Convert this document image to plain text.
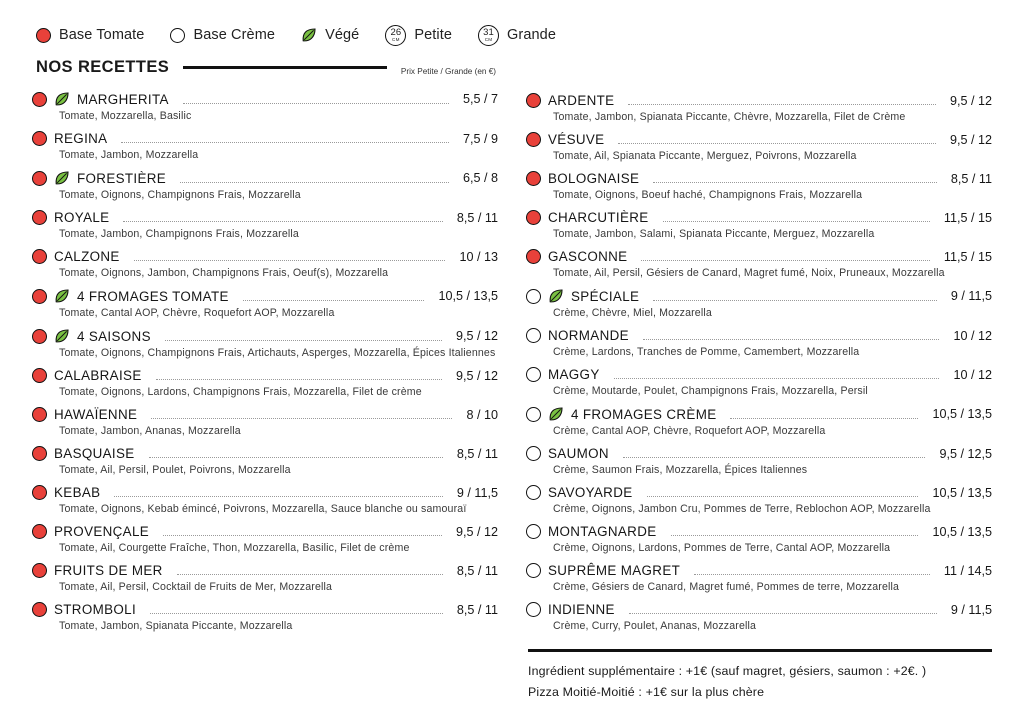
Base Tomate	Base Crème	Végé	26
CM Petite	31
CM Grande
NOS RECETTES	Prix Petite / Grande (en €)
MARGHERITA	5,5 / 7
Tomate, Mozzarella, Basilic
REGINA	7,5 / 9
Tomate, Jambon, Mozzarella
FORESTIÈRE	6,5 / 8
Tomate, Oignons, Champignons Frais, Mozzarella
ROYALE	8,5 / 11
Tomate, Jambon, Champignons Frais, Mozzarella
CALZONE	10 / 13
Tomate, Oignons, Jambon, Champignons Frais, Oeuf(s), Mozzarella
4 FROMAGES TOMATE	10,5 / 13,5
Tomate, Cantal AOP, Chèvre, Roquefort AOP, Mozzarella
4 SAISONS	9,5 / 12
Tomate, Oignons, Champignons Frais, Artichauts, Asperges, Mozzarella, Épices Italiennes
CALABRAISE	9,5 / 12
Tomate, Oignons, Lardons, Champignons Frais, Mozzarella, Filet de crème
HAWAÏENNE	8 / 10
Tomate, Jambon, Ananas, Mozzarella
BASQUAISE	8,5 / 11
Tomate, Ail, Persil, Poulet, Poivrons, Mozzarella
KEBAB	9 / 11,5
Tomate, Oignons, Kebab émincé, Poivrons, Mozzarella, Sauce blanche ou samouraï
PROVENÇALE	9,5 / 12
Tomate, Ail, Courgette Fraîche, Thon, Mozzarella, Basilic, Filet de crème
FRUITS DE MER	8,5 / 11
Tomate, Ail, Persil, Cocktail de Fruits de Mer, Mozzarella
STROMBOLI	8,5 / 11
Tomate, Jambon, Spianata Piccante, Mozzarella
ARDENTE	9,5 / 12
Tomate, Jambon, Spianata Piccante, Chèvre, Mozzarella, Filet de Crème
VÉSUVE	9,5 / 12
Tomate, Ail, Spianata Piccante, Merguez, Poivrons, Mozzarella
BOLOGNAISE	8,5 / 11
Tomate, Oignons, Boeuf haché, Champignons Frais, Mozzarella
CHARCUTIÈRE	11,5 / 15
Tomate, Jambon, Salami, Spianata Piccante, Merguez, Mozzarella
GASCONNE	11,5 / 15
Tomate, Ail, Persil, Gésiers de Canard, Magret fumé, Noix, Pruneaux, Mozzarella
SPÉCIALE	9 / 11,5
Crème, Chèvre, Miel, Mozzarella
NORMANDE	10 / 12
Crème, Lardons, Tranches de Pomme, Camembert, Mozzarella
MAGGY	10 / 12
Crème, Moutarde, Poulet, Champignons Frais, Mozzarella, Persil
4 FROMAGES CRÈME	10,5 / 13,5
Crème, Cantal AOP, Chèvre, Roquefort AOP, Mozzarella
SAUMON	9,5 / 12,5
Crème, Saumon Frais, Mozzarella, Épices Italiennes
SAVOYARDE	10,5 / 13,5
Crème, Oignons, Jambon Cru, Pommes de Terre, Reblochon AOP, Mozzarella
MONTAGNARDE	10,5 / 13,5
Crème, Oignons, Lardons, Pommes de Terre, Cantal AOP, Mozzarella
SUPRÊME MAGRET	11 / 14,5
Crème, Gésiers de Canard, Magret fumé, Pommes de terre, Mozzarella
INDIENNE	9 / 11,5
Crème, Curry, Poulet, Ananas, Mozzarella
Ingrédient supplémentaire : +1€ (sauf magret, gésiers, saumon : +2€. )
Pizza Moitié-Moitié : +1€ sur la plus chère
